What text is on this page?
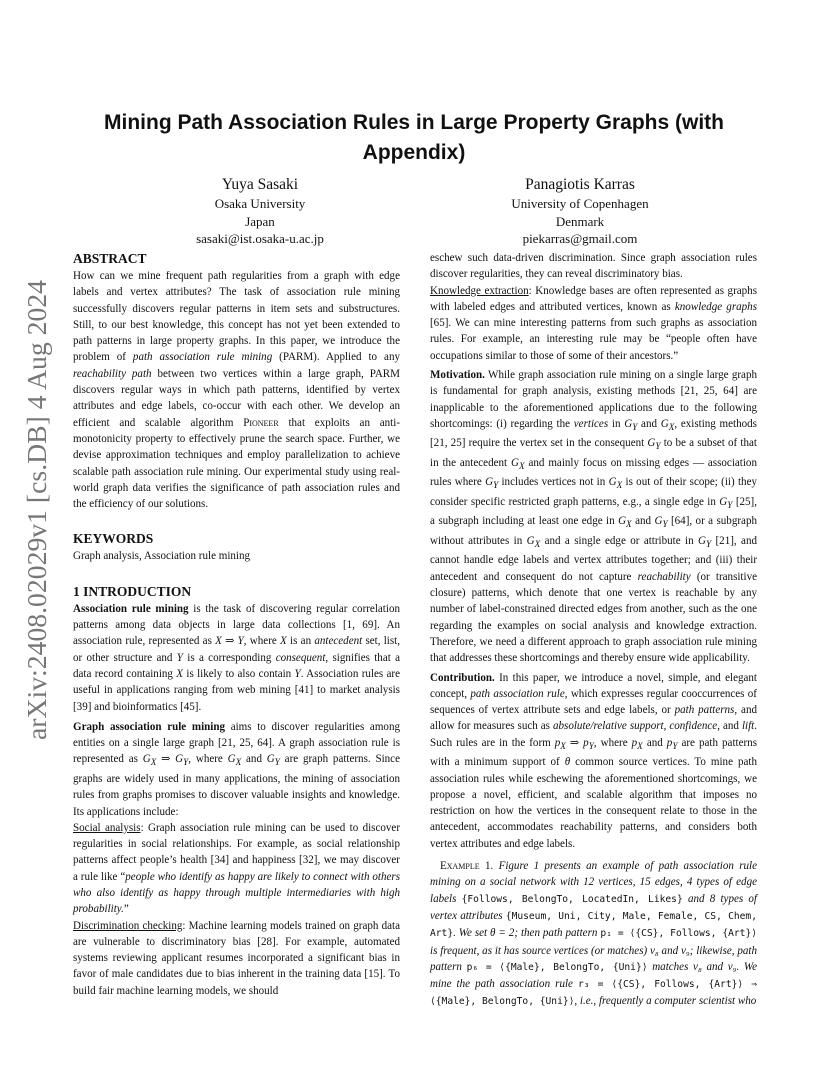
arXiv:2408.02029v1 [cs.DB] 4 Aug 2024
Mining Path Association Rules in Large Property Graphs (with Appendix)
Yuya Sasaki
Osaka University
Japan
sasaki@ist.osaka-u.ac.jp
Panagiotis Karras
University of Copenhagen
Denmark
piekarras@gmail.com
ABSTRACT

How can we mine frequent path regularities from a graph with edge labels and vertex attributes? The task of association rule mining successfully discovers regular patterns in item sets and substructures. Still, to our best knowledge, this concept has not yet been extended to path patterns in large property graphs. In this paper, we introduce the problem of path association rule mining (PARM). Applied to any reachability path between two vertices within a large graph, PARM discovers regular ways in which path patterns, identified by vertex attributes and edge labels, co-occur with each other. We develop an efficient and scalable algorithm Pioneer that exploits an anti-monotonicity property to effectively prune the search space. Further, we devise approximation techniques and employ parallelization to achieve scalable path association rule mining. Our experimental study using real-world graph data verifies the significance of path association rules and the efficiency of our solutions.

KEYWORDS

Graph analysis, Association rule mining

1 INTRODUCTION

Association rule mining is the task of discovering regular correlation patterns among data objects in large data collections [1, 69]. An association rule, represented as X ⇒ Y, where X is an antecedent set, list, or other structure and Y is a corresponding consequent, signifies that a data record containing X is likely to also contain Y. Association rules are useful in applications ranging from web mining [41] to market analysis [39] and bioinformatics [45].

Graph association rule mining aims to discover regularities among entities on a single large graph [21, 25, 64]. A graph association rule is represented as $G_X$ ⇒ $G_Y$, where $G_X$ and $G_Y$ are graph patterns. Since graphs are widely used in many applications, the mining of association rules from graphs promises to discover valuable insights and knowledge. Its applications include:

Social analysis: Graph association rule mining can be used to discover regularities in social relationships. For example, as social relationship patterns affect people’s health [34] and happiness [32], we may discover a rule like “people who identify as happy are likely to connect with others who also identify as happy through multiple intermediaries with high probability.”

Discrimination checking: Machine learning models trained on graph data are vulnerable to discriminatory bias [28]. For example, automated systems reviewing applicant resumes incorporated a significant bias in favor of male candidates due to bias inherent in the training data [15]. To build fair machine learning models, we should

eschew such data-driven discrimination. Since graph association rules discover regularities, they can reveal discriminatory bias.

Knowledge extraction: Knowledge bases are often represented as graphs with labeled edges and attributed vertices, known as knowledge graphs [65]. We can mine interesting patterns from such graphs as association rules. For example, an interesting rule may be “people often have occupations similar to those of some of their ancestors.”

Motivation. While graph association rule mining on a single large graph is fundamental for graph analysis, existing methods [21, 25, 64] are inapplicable to the aforementioned applications due to the following shortcomings: (i) regarding the vertices in $G_Y$ and $G_X$, existing methods [21, 25] require the vertex set in the consequent $G_Y$ to be a subset of that in the antecedent $G_X$ and mainly focus on missing edges — association rules where $G_Y$ includes vertices not in $G_X$ is out of their scope; (ii) they consider specific restricted graph patterns, e.g., a single edge in $G_Y$ [25], a subgraph including at least one edge in $G_X$ and $G_Y$ [64], or a subgraph without attributes in $G_X$ and a single edge or attribute in $G_Y$ [21], and cannot handle edge labels and vertex attributes together; and (iii) their antecedent and consequent do not capture reachability (or transitive closure) patterns, which denote that one vertex is reachable by any number of label-constrained directed edges from another, such as the one regarding the examples on social analysis and knowledge extraction. Therefore, we need a different approach to graph association rule mining that addresses these shortcomings and thereby ensure wide applicability.

Contribution. In this paper, we introduce a novel, simple, and elegant concept, path association rule, which expresses regular cooccurrences of sequences of vertex attribute sets and edge labels, or path patterns, and allow for measures such as absolute/relative support, confidence, and lift. Such rules are in the form $p_X$ ⇒ $p_Y$, where $p_X$ and $p_Y$ are path patterns with a minimum support of θ common source vertices. To mine path association rules while eschewing the aforementioned shortcomings, we propose a novel, efficient, and scalable algorithm that imposes no restriction on how the vertices in the consequent relate to those in the antecedent, accommodates reachability patterns, and considers both vertex attributes and edge labels.

Example 1. Figure 1 presents an example of path association rule mining on a social network with 12 vertices, 15 edges, 4 types of edge labels {Follows, BelongTo, LocatedIn, Likes} and 8 types of vertex attributes {Museum, Uni, City, Male, Female, CS, Chem, Art}. We set θ = 2; then path pattern p₁ = ⟨{CS}, Follows, {Art}⟩ is frequent, as it has source vertices (or matches) v₈ and v₉; likewise, path pattern p₆ = ⟨{Male}, BelongTo, {Uni}⟩ matches v₈ and v₉. We mine the path association rule r₃ = ⟨{CS}, Follows, {Art}⟩ ⇒ ⟨{Male}, BelongTo, {Uni}⟩, i.e., frequently a computer scientist who
